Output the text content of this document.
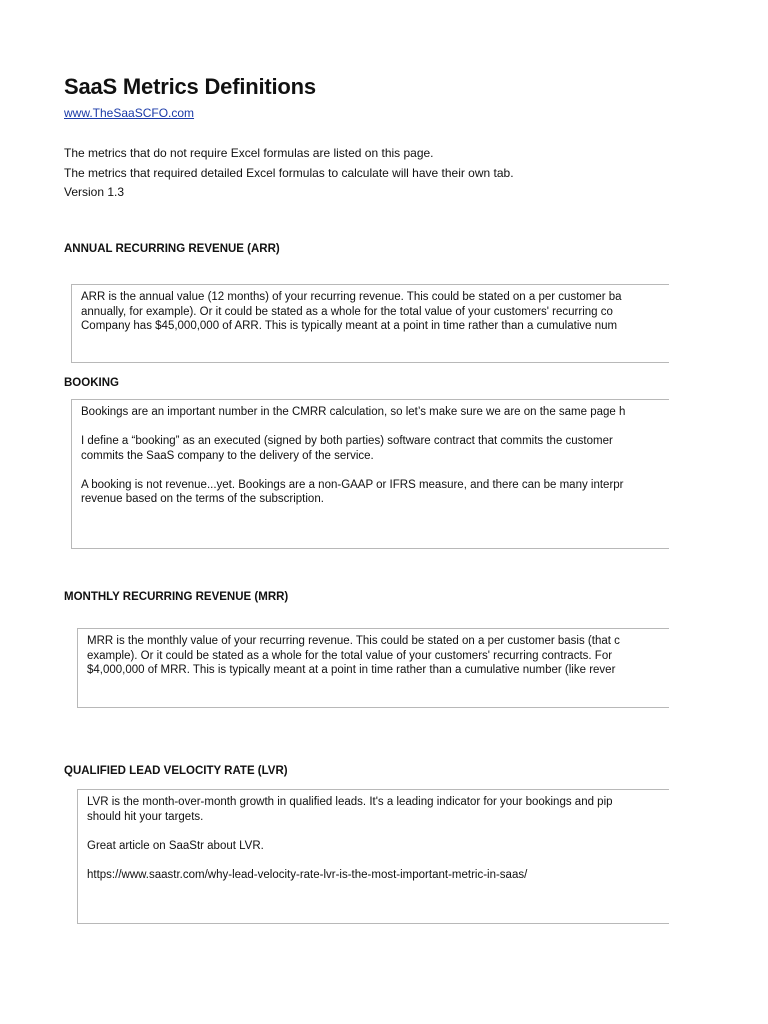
SaaS Metrics Definitions
www.TheSaaSCFO.com
The metrics that do not require Excel formulas are listed on this page.
The metrics that required detailed Excel formulas to calculate will have their own tab.
Version 1.3
ANNUAL RECURRING REVENUE (ARR)
ARR is the annual value (12 months) of your recurring revenue. This could be stated on a per customer ba
annually, for example). Or it could be stated as a whole for the total value of your customers' recurring co
Company has $45,000,000 of ARR. This is typically meant at a point in time rather than a cumulative num
BOOKING
Bookings are an important number in the CMRR calculation, so let’s make sure we are on the same page h
I define a “booking” as an executed (signed by both parties) software contract that commits the customer
commits the SaaS company to the delivery of the service.
A booking is not revenue...yet. Bookings are a non-GAAP or IFRS measure, and there can be many interpr
revenue based on the terms of the subscription.
MONTHLY RECURRING REVENUE (MRR)
MRR is the monthly value of your recurring revenue. This could be stated on a per customer basis (that c
example). Or it could be stated as a whole for the total value of your customers' recurring contracts. For
$4,000,000 of MRR. This is typically meant at a point in time rather than a cumulative number (like rever
QUALIFIED LEAD VELOCITY RATE (LVR)
LVR is the month-over-month growth in qualified leads. It's a leading indicator for your bookings and pip
should hit your targets.
Great article on SaaStr about LVR.
https://www.saastr.com/why-lead-velocity-rate-lvr-is-the-most-important-metric-in-saas/
